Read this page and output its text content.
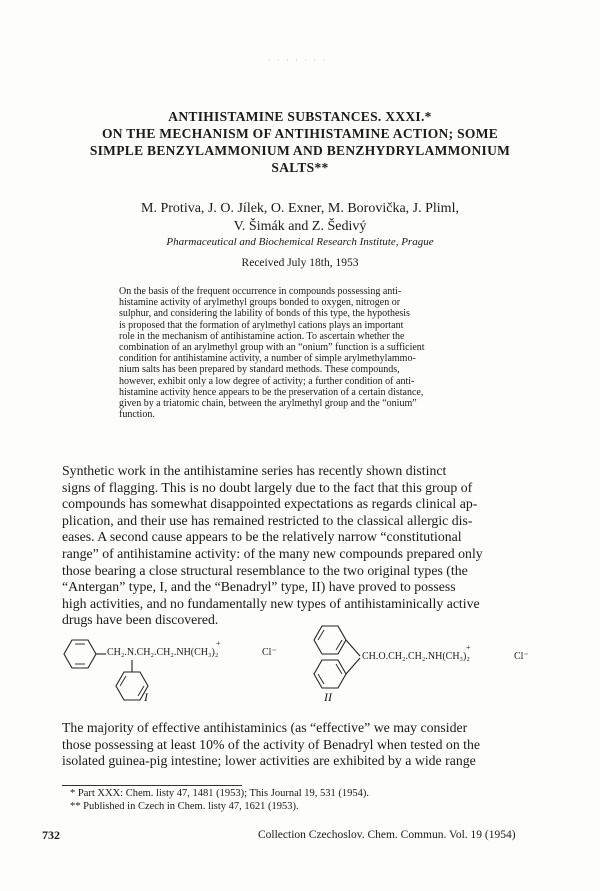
· · · · · · ·
ANTIHISTAMINE SUBSTANCES. XXXI.*
ON THE MECHANISM OF ANTIHISTAMINE ACTION; SOME
SIMPLE BENZYLAMMONIUM AND BENZHYDRYLAMMONIUM
SALTS**
M. Protiva, J. O. Jílek, O. Exner, M. Borovička, J. Pliml,
V. Šimák and Z. Šedivý
Pharmaceutical and Biochemical Research Institute, Prague
Received July 18th, 1953
On the basis of the frequent occurrence in compounds possessing anti-
histamine activity of arylmethyl groups bonded to oxygen, nitrogen or
sulphur, and considering the lability of bonds of this type, the hypothesis
is proposed that the formation of arylmethyl cations plays an important
role in the mechanism of antihistamine action. To ascertain whether the
combination of an arylmethyl group with an “onium” function is a sufficient
condition for antihistamine activity, a number of simple arylmethylammo-
nium salts has been prepared by standard methods. These compounds,
however, exhibit only a low degree of activity; a further condition of anti-
histamine activity hence appears to be the preservation of a certain distance,
given by a triatomic chain, between the arylmethyl group and the “onium”
function.
Synthetic work in the antihistamine series has recently shown distinct
signs of flagging. This is no doubt largely due to the fact that this group of
compounds has somewhat disappointed expectations as regards clinical ap-
plication, and their use has remained restricted to the classical allergic dis-
eases. A second cause appears to be the relatively narrow “constitutional
range” of antihistamine activity: of the many new compounds prepared only
those bearing a close structural resemblance to the two original types (the
“Antergan” type, I, and the “Benadryl” type, II) have proved to possess
high activities, and no fundamentally new types of antihistaminically active
drugs have been discovered.
CH₂.N.CH₂.CH₂.NH(CH₃)₂
+
Cl⁻
I
CH.O.CH₂.CH₂.NH(CH₃)₂
+
Cl⁻
II
The majority of effective antihistaminics (as “effective” we may consider
those possessing at least 10% of the activity of Benadryl when tested on the
isolated guinea-pig intestine; lower activities are exhibited by a wide range
* Part XXX: Chem. listy 47, 1481 (1953); This Journal 19, 531 (1954).
** Published in Czech in Chem. listy 47, 1621 (1953).
732	Collection Czechoslov. Chem. Commun. Vol. 19 (1954)
